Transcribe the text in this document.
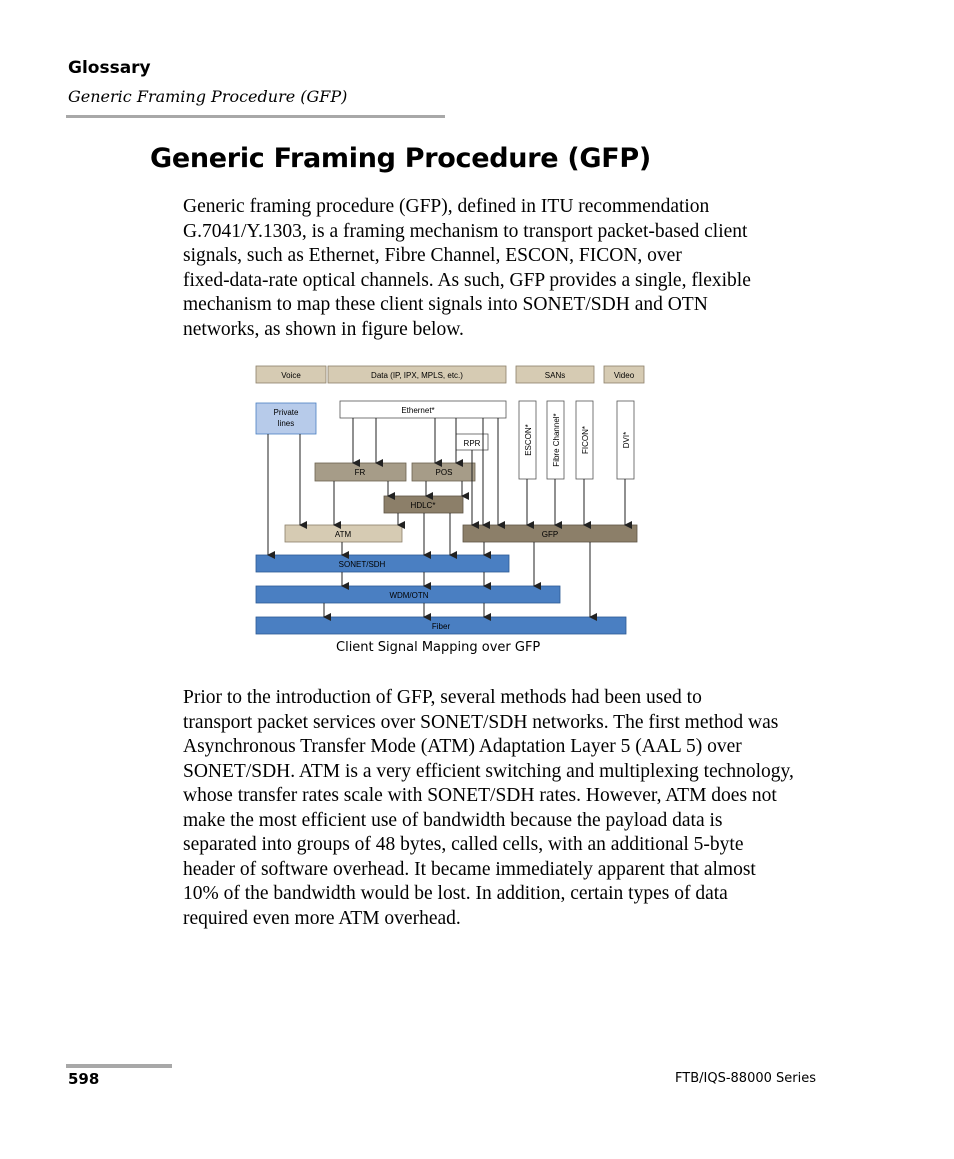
Glossary
Generic Framing Procedure (GFP)
Generic Framing Procedure (GFP)

Generic framing procedure (GFP), defined in ITU recommendation
G.7041/Y.1303, is a framing mechanism to transport packet-based client
signals, such as Ethernet, Fibre Channel, ESCON, FICON, over
fixed-data-rate optical channels. As such, GFP provides a single, flexible
mechanism to map these client signals into SONET/SDH and OTN
networks, as shown in figure below.

Voice	Data (IP, IPX, MPLS, etc.)	SANs	Video
Private
lines
Ethernet*
RPR	ESCON* Fibre Channel*	FICON*	DVI*
FR	POS
HDLC*
ATM	GFP
SONET/SDH
WDM/OTN
Fiber
Client Signal Mapping over GFP

Prior to the introduction of GFP, several methods had been used to
transport packet services over SONET/SDH networks. The first method was
Asynchronous Transfer Mode (ATM) Adaptation Layer 5 (AAL 5) over
SONET/SDH. ATM is a very efficient switching and multiplexing technology,
whose transfer rates scale with SONET/SDH rates. However, ATM does not
make the most efficient use of bandwidth because the payload data is
separated into groups of 48 bytes, called cells, with an additional 5-byte
header of software overhead. It became immediately apparent that almost
10% of the bandwidth would be lost. In addition, certain types of data
required even more ATM overhead.

598	FTB/IQS-88000 Series
